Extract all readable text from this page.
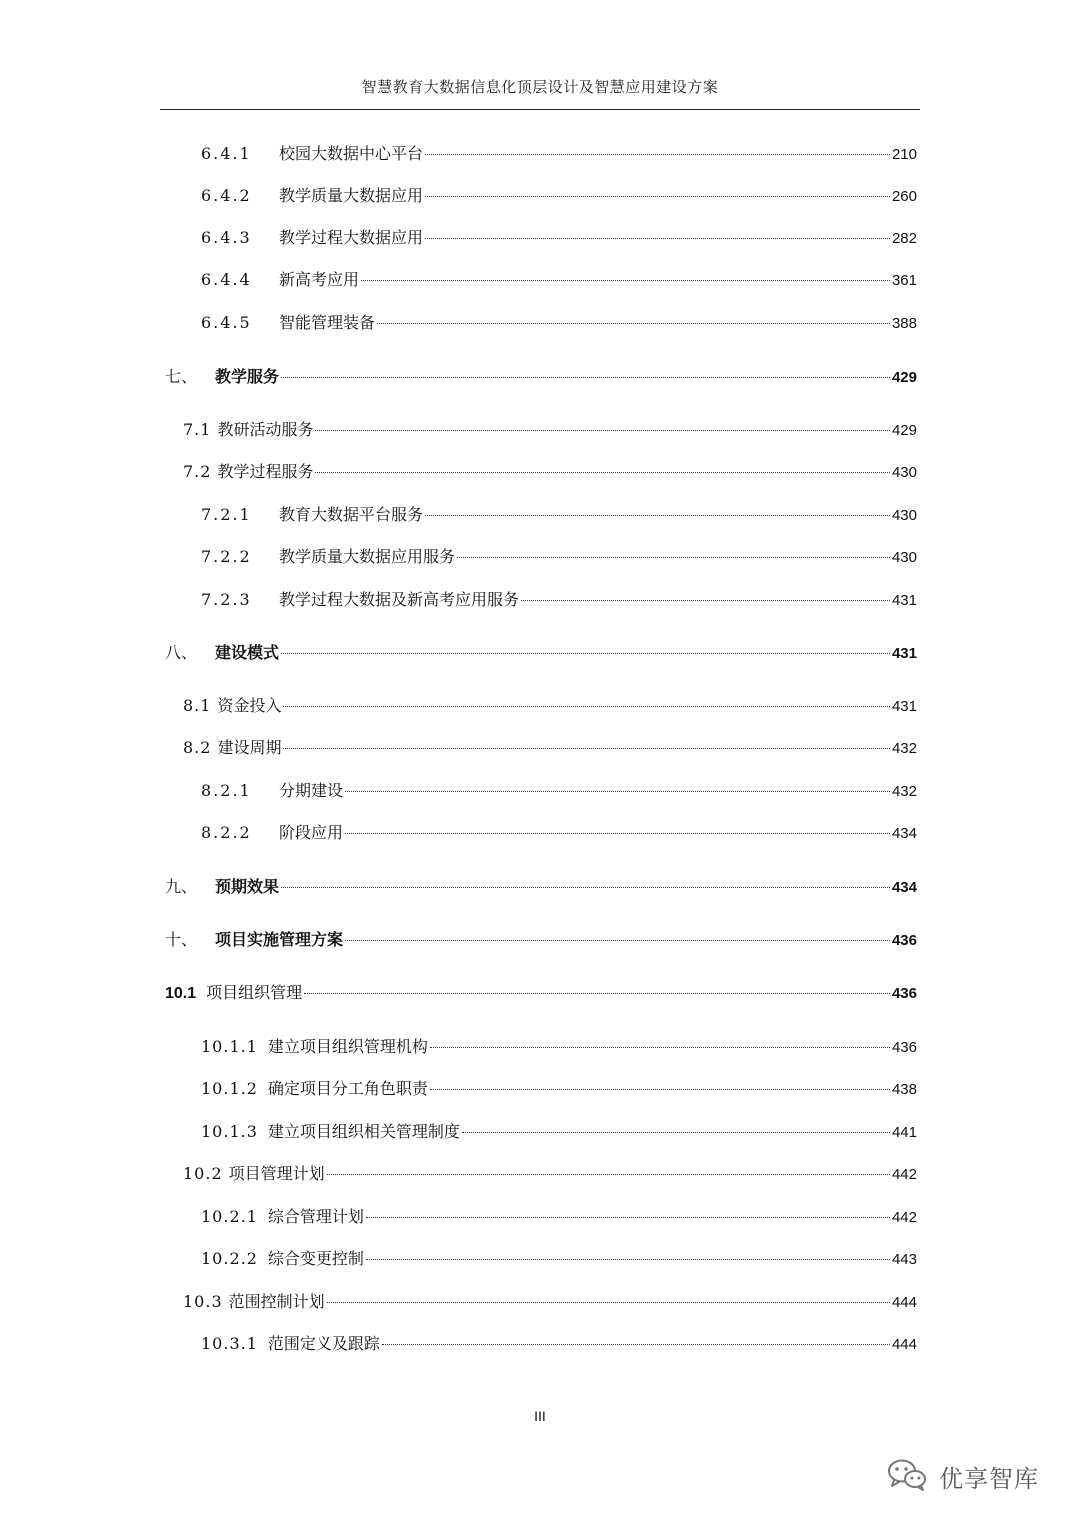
智慧教育大数据信息化顶层设计及智慧应用建设方案
6.4.1	校园大数据中心平台	210
6.4.2	教学质量大数据应用	260
6.4.3	教学过程大数据应用	282
6.4.4	新高考应用	361
6.4.5	智能管理装备	388
七、	教学服务	429
7.1 教研活动服务	429
7.2 教学过程服务	430
7.2.1	教育大数据平台服务	430
7.2.2	教学质量大数据应用服务	430
7.2.3	教学过程大数据及新高考应用服务	431
八、	建设模式	431
8.1 资金投入	431
8.2 建设周期	432
8.2.1	分期建设	432
8.2.2	阶段应用	434
九、	预期效果	434
十、	项目实施管理方案	436
10.1 项目组织管理	436
10.1.1 建立项目组织管理机构	436
10.1.2 确定项目分工角色职责	438
10.1.3 建立项目组织相关管理制度	441
10.2 项目管理计划	442
10.2.1 综合管理计划	442
10.2.2 综合变更控制	443
10.3 范围控制计划	444
10.3.1 范围定义及跟踪	444
III
优享智库
